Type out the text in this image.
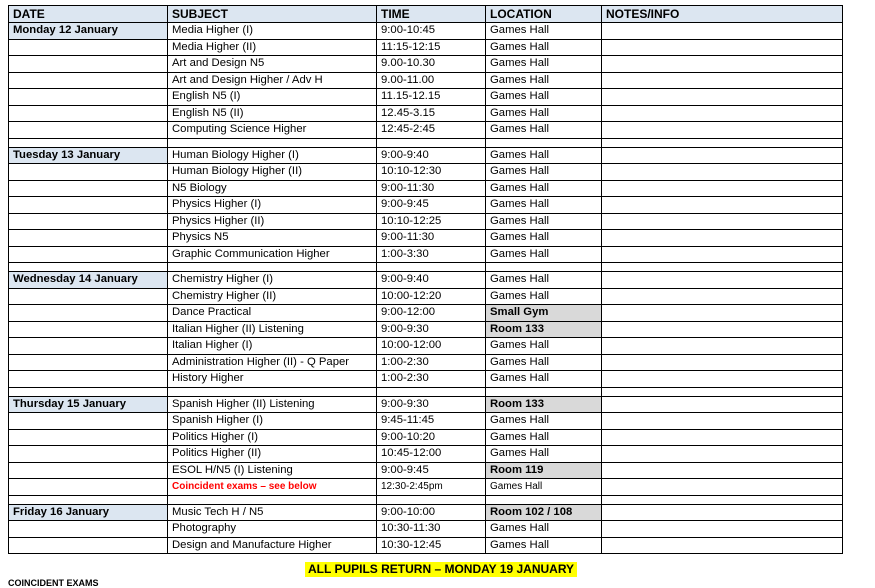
DATE	SUBJECT	TIME	LOCATION	NOTES/INFO
Monday 12 January	Media Higher (I)	9:00-10:45	Games Hall	
	Media Higher (II)	11:15-12:15	Games Hall	
	Art and Design N5	9.00-10.30	Games Hall	
	Art and Design Higher / Adv H	9.00-11.00	Games Hall	
	English N5 (I)	11.15-12.15	Games Hall	
	English N5 (II)	12.45-3.15	Games Hall	
	Computing Science Higher	12:45-2:45	Games Hall	

Tuesday 13 January	Human Biology Higher (I)	9:00-9:40	Games Hall	
	Human Biology Higher (II)	10:10-12:30	Games Hall	
	N5 Biology	9:00-11:30	Games Hall	
	Physics Higher (I)	9:00-9:45	Games Hall	
	Physics Higher (II)	10:10-12:25	Games Hall	
	Physics N5	9:00-11:30	Games Hall	
	Graphic Communication Higher	1:00-3:30	Games Hall	

Wednesday 14 January	Chemistry Higher (I)	9:00-9:40	Games Hall	
	Chemistry Higher (II)	10:00-12:20	Games Hall	
	Dance Practical	9:00-12:00	Small Gym	
	Italian Higher (II) Listening	9:00-9:30	Room 133	
	Italian Higher (I)	10:00-12:00	Games Hall	
	Administration Higher (II) - Q Paper	1:00-2:30	Games Hall	
	History Higher	1:00-2:30	Games Hall	

Thursday 15 January	Spanish Higher (II) Listening	9:00-9:30	Room 133	
	Spanish Higher (I)	9:45-11:45	Games Hall	
	Politics Higher (I)	9:00-10:20	Games Hall	
	Politics Higher (II)	10:45-12:00	Games Hall	
	ESOL H/N5 (I) Listening	9:00-9:45	Room 119	
	Coincident exams – see below	12:30-2:45pm	Games Hall	

Friday 16 January	Music Tech H / N5	9:00-10:00	Room 102 / 108	
	Photography	10:30-11:30	Games Hall	
	Design and Manufacture Higher	10:30-12:45	Games Hall	
ALL PUPILS RETURN – MONDAY 19 JANUARY
COINCIDENT EXAMS
